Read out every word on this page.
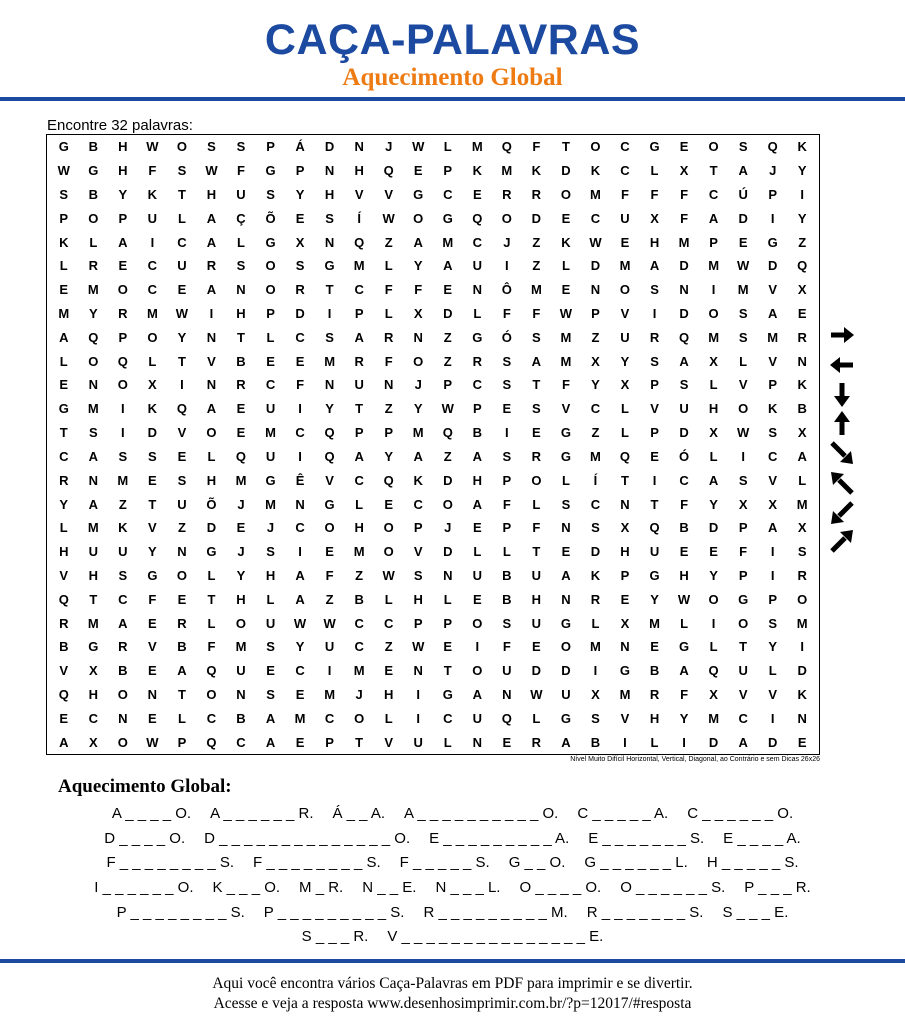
CAÇA-PALAVRAS
Aquecimento Global
Encontre 32 palavras:
G	B	H	W	O	S	S	P	Á	D	N	J	W	L	M	Q	F	T	O	C	G	E	O	S	Q	K
W	G	H	F	S	W	F	G	P	N	H	Q	E	P	K	M	K	D	K	C	L	X	T	A	J	Y
S	B	Y	K	T	H	U	S	Y	H	V	V	G	C	E	R	R	O	M	F	F	F	C	Ú	P	I
P	O	P	U	L	A	Ç	Õ	E	S	Í	W	O	G	Q	O	D	E	C	U	X	F	A	D	I	Y
K	L	A	I	C	A	L	G	X	N	Q	Z	A	M	C	J	Z	K	W	E	H	M	P	E	G	Z
L	R	E	C	U	R	S	O	S	G	M	L	Y	A	U	I	Z	L	D	M	A	D	M	W	D	Q
E	M	O	C	E	A	N	O	R	T	C	F	F	E	N	Ô	M	E	N	O	S	N	I	M	V	X
M	Y	R	M	W	I	H	P	D	I	P	L	X	D	L	F	F	W	P	V	I	D	O	S	A	E
A	Q	P	O	Y	N	T	L	C	S	A	R	N	Z	G	Ó	S	M	Z	U	R	Q	M	S	M	R
L	O	Q	L	T	V	B	E	E	M	R	F	O	Z	R	S	A	M	X	Y	S	A	X	L	V	N
E	N	O	X	I	N	R	C	F	N	U	N	J	P	C	S	T	F	Y	X	P	S	L	V	P	K
G	M	I	K	Q	A	E	U	I	Y	T	Z	Y	W	P	E	S	V	C	L	V	U	H	O	K	B
T	S	I	D	V	O	E	M	C	Q	P	P	M	Q	B	I	E	G	Z	L	P	D	X	W	S	X
C	A	S	S	E	L	Q	U	I	Q	A	Y	A	Z	A	S	R	G	M	Q	E	Ó	L	I	C	A
R	N	M	E	S	H	M	G	Ê	V	C	Q	K	D	H	P	O	L	Í	T	I	C	A	S	V	L
Y	A	Z	T	U	Õ	J	M	N	G	L	E	C	O	A	F	L	S	C	N	T	F	Y	X	X	M
L	M	K	V	Z	D	E	J	C	O	H	O	P	J	E	P	F	N	S	X	Q	B	D	P	A	X
H	U	U	Y	N	G	J	S	I	E	M	O	V	D	L	L	T	E	D	H	U	E	E	F	I	S
V	H	S	G	O	L	Y	H	A	F	Z	W	S	N	U	B	U	A	K	P	G	H	Y	P	I	R
Q	T	C	F	E	T	H	L	A	Z	B	L	H	L	E	B	H	N	R	E	Y	W	O	G	P	O
R	M	A	E	R	L	O	U	W	W	C	C	P	P	O	S	U	G	L	X	M	L	I	O	S	M
B	G	R	V	B	F	M	S	Y	U	C	Z	W	E	I	F	E	O	M	N	E	G	L	T	Y	I
V	X	B	E	A	Q	U	E	C	I	M	E	N	T	O	U	D	D	I	G	B	A	Q	U	L	D
Q	H	O	N	T	O	N	S	E	M	J	H	I	G	A	N	W	U	X	M	R	F	X	V	V	K
E	C	N	E	L	C	B	A	M	C	O	L	I	C	U	Q	L	G	S	V	H	Y	M	C	I	N
A	X	O	W	P	Q	C	A	E	P	T	V	U	L	N	E	R	A	B	I	L	I	D	A	D	E
Nível Muito Difícil Horizontal, Vertical, Diagonal, ao Contrário e sem Dicas 26x26
Aquecimento Global:
A _ _ _ _ O. A _ _ _ _ _ _ R. Á _ _ A. A _ _ _ _ _ _ _ _ _ _ O. C _ _ _ _ _ A. C _ _ _ _ _ _ O.
D _ _ _ _ O. D _ _ _ _ _ _ _ _ _ _ _ _ _ _ O. E _ _ _ _ _ _ _ _ _ A. E _ _ _ _ _ _ _ S. E _ _ _ _ A.
F _ _ _ _ _ _ _ _ S. F _ _ _ _ _ _ _ _ S. F _ _ _ _ _ S. G _ _ O. G _ _ _ _ _ _ L. H _ _ _ _ _ S.
I _ _ _ _ _ _ O. K _ _ _ O. M _ R. N _ _ E. N _ _ _ L. O _ _ _ _ O. O _ _ _ _ _ _ S. P _ _ _ R.
P _ _ _ _ _ _ _ _ S. P _ _ _ _ _ _ _ _ _ S. R _ _ _ _ _ _ _ _ _ M. R _ _ _ _ _ _ _ S. S _ _ _ E.
S _ _ _ R. V _ _ _ _ _ _ _ _ _ _ _ _ _ _ _ E.
Aqui você encontra vários Caça-Palavras em PDF para imprimir e se divertir.
Acesse e veja a resposta www.desenhosimprimir.com.br/?p=12017/#resposta
